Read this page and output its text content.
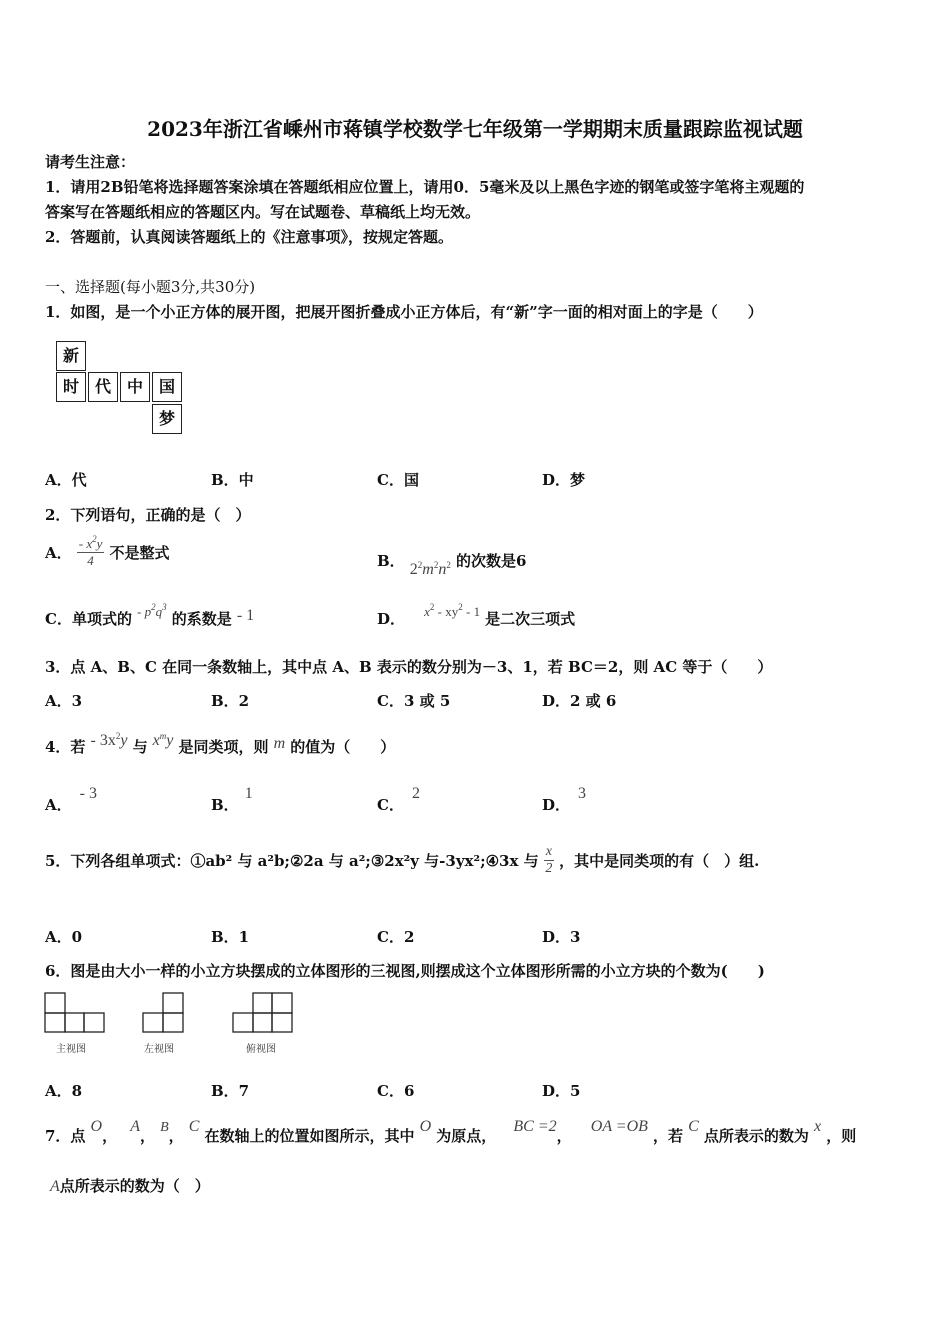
2023年浙江省嵊州市蒋镇学校数学七年级第一学期期末质量跟踪监视试题
请考生注意：
1．请用2B铅笔将选择题答案涂填在答题纸相应位置上，请用0．5毫米及以上黑色字迹的钢笔或签字笔将主观题的
答案写在答题纸相应的答题区内。写在试题卷、草稿纸上均无效。
2．答题前，认真阅读答题纸上的《注意事项》，按规定答题。
一、选择题(每小题3分,共30分)
1．如图，是一个小正方体的展开图，把展开图折叠成小正方体后，有“新”字一面的相对面上的字是（　　）
新
时 代 中 国
梦
A．代	B．中	C．国	D．梦
2．下列语句，正确的是（　）
A． $\frac{- x^2y}{4}$ 不是整式	B． $2^2m^2n^2$ 的次数是6
C．单项式的 $^{- p^2q^3}$ 的系数是 - 1	D． $^{x^2 - xy^2 - 1}$ 是二次三项式
3．点 A、B、C 在同一条数轴上，其中点 A、B 表示的数分别为－3、1，若 BC＝2，则 AC 等于（　　）
A．3	B．2	C．3 或 5	D．2 或 6
4．若 - $3x^2y$ 与 $x^my$ 是同类项，则 m 的值为（　　）
A．- 3
B．1
C．2
D．3
5．下列各组单项式：①ab² 与 a²b;②2a 与 a²;③2x²y 与-3yx²;④3x 与 $\frac{x}{2}$ ，其中是同类项的有（　）组.
A．0	B．1	C．2	D．3
6．图是由大小一样的小立方块摆成的立体图形的三视图,则摆成这个立体图形所需的小立方块的个数为(　　)
主视图	左视图	俯视图
A．8	B．7	C．6	D．5
7．点 O， A， B， C 在数轴上的位置如图所示，其中 O 为原点， BC =2， OA =OB ，若 C 点所表示的数为 x ，则
A点所表示的数为（　）
